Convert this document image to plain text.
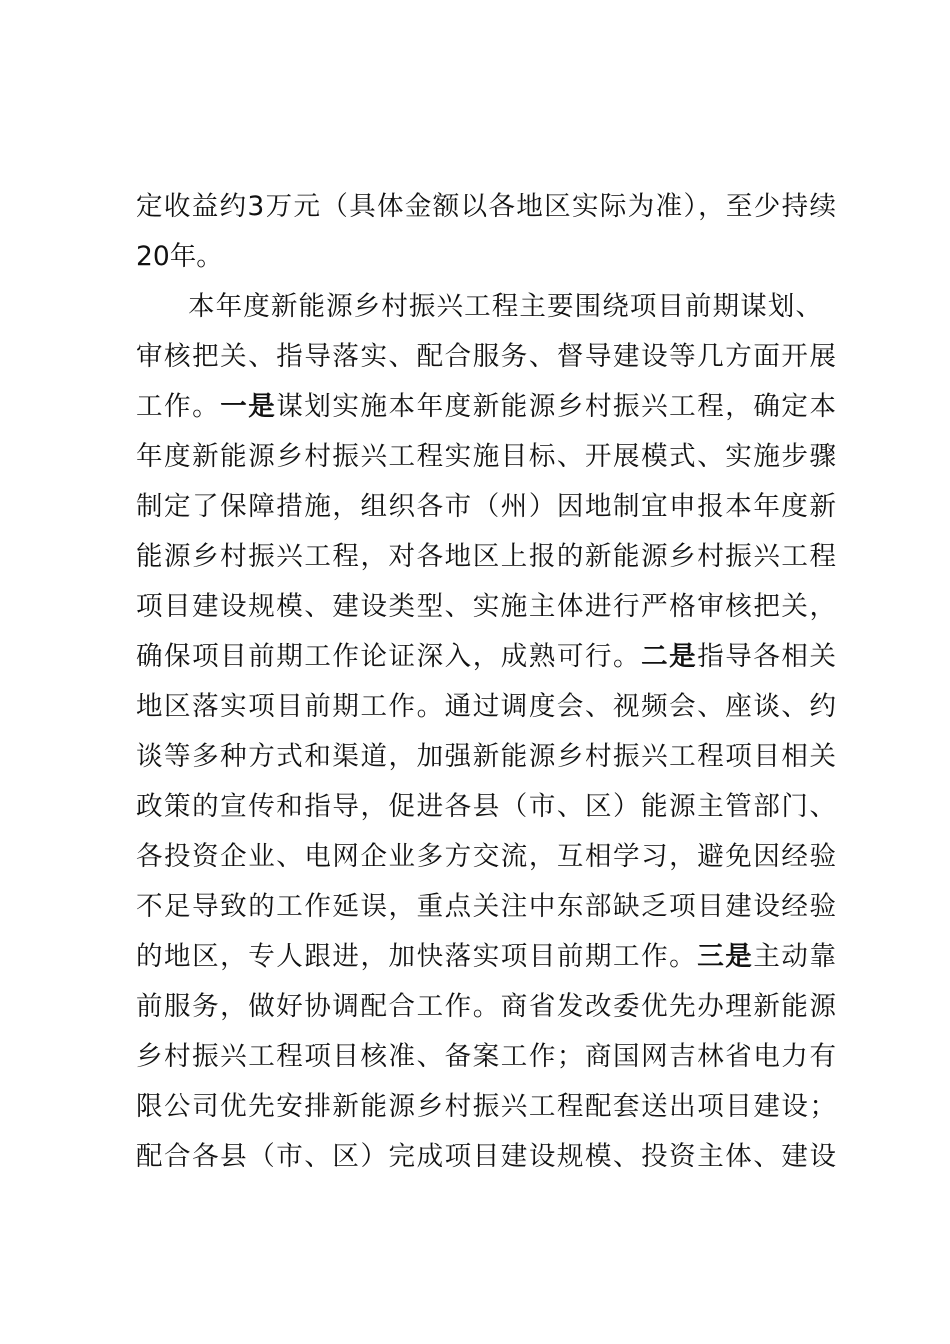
定收益约3万元（具体金额以各地区实际为准），至少持续
20年。
本年度新能源乡村振兴工程主要围绕项目前期谋划、
审核把关、指导落实、配合服务、督导建设等几方面开展
工作。一是谋划实施本年度新能源乡村振兴工程，确定本
年度新能源乡村振兴工程实施目标、开展模式、实施步骤
制定了保障措施，组织各市（州）因地制宜申报本年度新
能源乡村振兴工程，对各地区上报的新能源乡村振兴工程
项目建设规模、建设类型、实施主体进行严格审核把关，
确保项目前期工作论证深入，成熟可行。二是指导各相关
地区落实项目前期工作。通过调度会、视频会、座谈、约
谈等多种方式和渠道，加强新能源乡村振兴工程项目相关
政策的宣传和指导，促进各县（市、区）能源主管部门、
各投资企业、电网企业多方交流，互相学习，避免因经验
不足导致的工作延误，重点关注中东部缺乏项目建设经验
的地区，专人跟进，加快落实项目前期工作。三是主动靠
前服务，做好协调配合工作。商省发改委优先办理新能源
乡村振兴工程项目核准、备案工作；商国网吉林省电力有
限公司优先安排新能源乡村振兴工程配套送出项目建设；
配合各县（市、区）完成项目建设规模、投资主体、建设
